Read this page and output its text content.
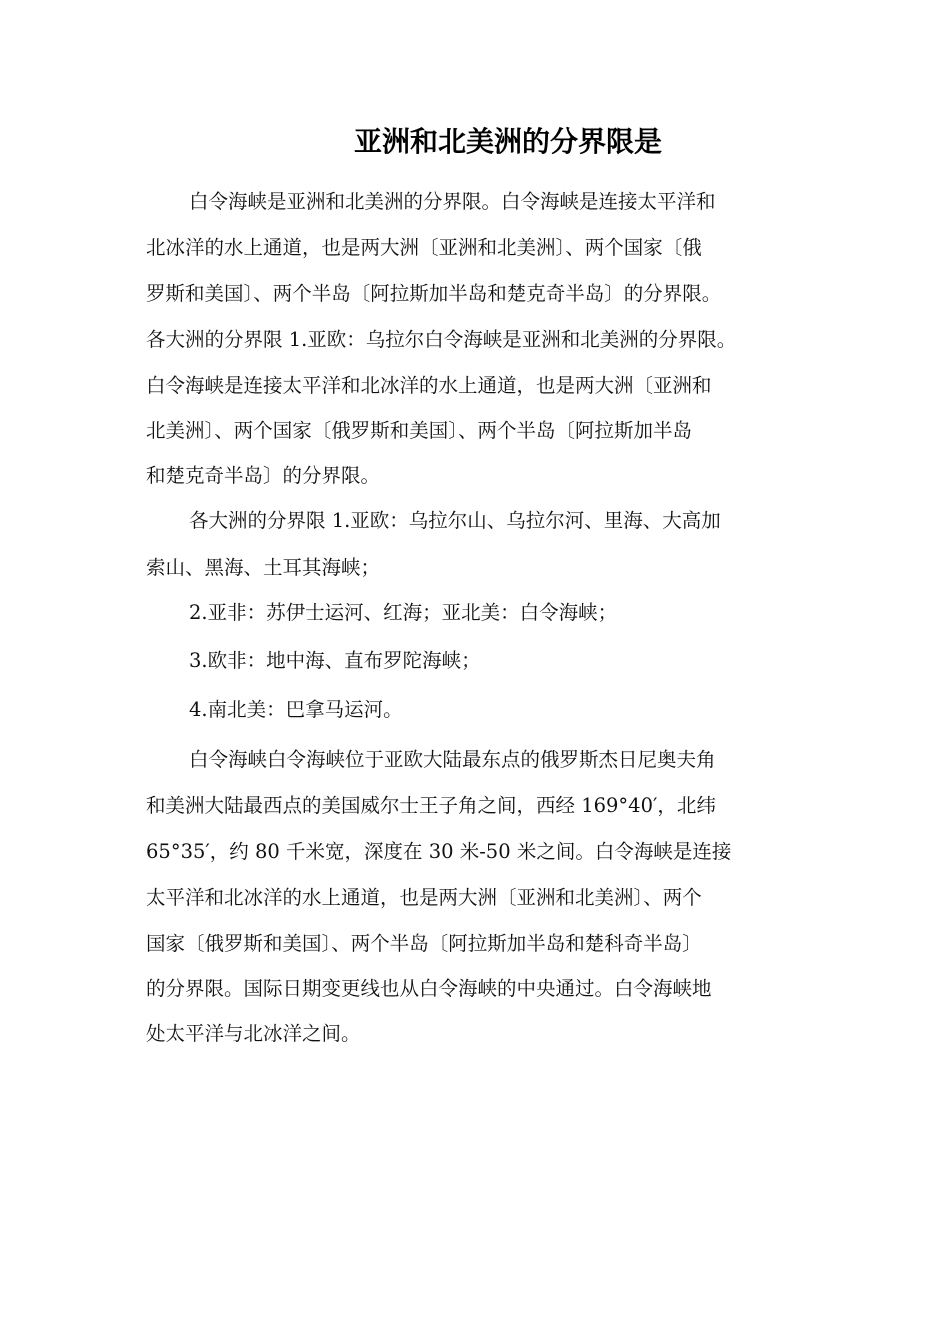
亚洲和北美洲的分界限是
白令海峡是亚洲和北美洲的分界限。白令海峡是连接太平洋和
北冰洋的水上通道，也是两大洲〔亚洲和北美洲〕、两个国家〔俄
罗斯和美国〕、两个半岛〔阿拉斯加半岛和楚克奇半岛〕的分界限。
各大洲的分界限 1.亚欧：乌拉尔白令海峡是亚洲和北美洲的分界限。
白令海峡是连接太平洋和北冰洋的水上通道，也是两大洲〔亚洲和
北美洲〕、两个国家〔俄罗斯和美国〕、两个半岛〔阿拉斯加半岛
和楚克奇半岛〕的分界限。
各大洲的分界限 1.亚欧：乌拉尔山、乌拉尔河、里海、大高加
索山、黑海、土耳其海峡；
2.亚非：苏伊士运河、红海；亚北美：白令海峡；
3.欧非：地中海、直布罗陀海峡；
4.南北美：巴拿马运河。
白令海峡白令海峡位于亚欧大陆最东点的俄罗斯杰日尼奥夫角
和美洲大陆最西点的美国威尔士王子角之间，西经 169°40′，北纬
65°35′，约 80 千米宽，深度在 30 米-50 米之间。白令海峡是连接
太平洋和北冰洋的水上通道，也是两大洲〔亚洲和北美洲〕、两个
国家〔俄罗斯和美国〕、两个半岛〔阿拉斯加半岛和楚科奇半岛〕
的分界限。国际日期变更线也从白令海峡的中央通过。白令海峡地
处太平洋与北冰洋之间。
